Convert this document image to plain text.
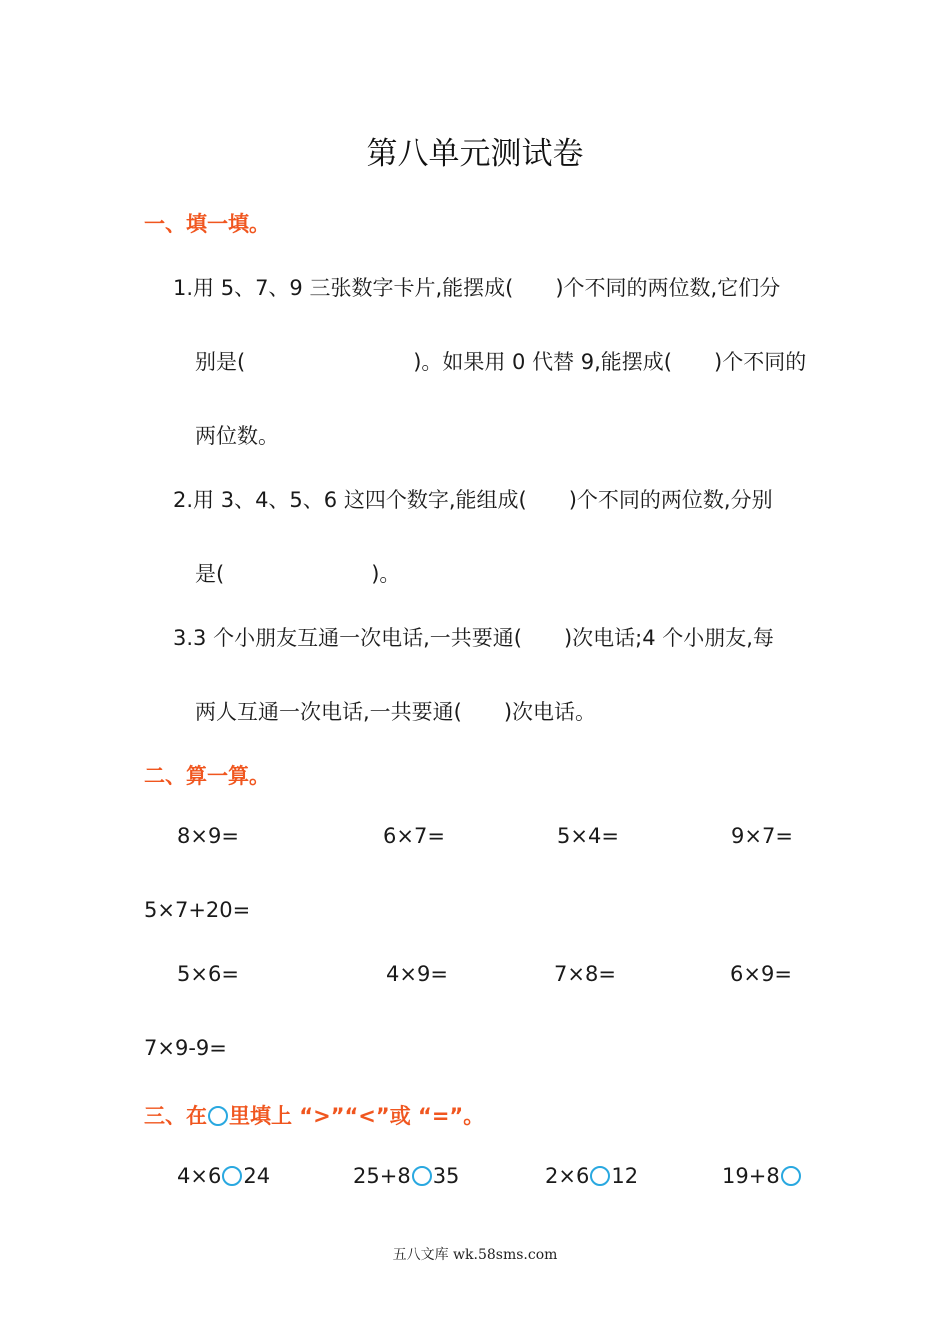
第八单元测试卷
一、填一填。
1.用 5、7、9 三张数字卡片,能摆成(　　)个不同的两位数,它们分
别是(　　　　　　　　)。如果用 0 代替 9,能摆成(　　)个不同的
两位数。
2.用 3、4、5、6 这四个数字,能组成(　　)个不同的两位数,分别
是(　　　　　　　)。
3.3 个小朋友互通一次电话,一共要通(　　)次电话;4 个小朋友,每
两人互通一次电话,一共要通(　　)次电话。
二、算一算。
8×9=	6×7=	5×4=	9×7=
5×7+20=
5×6=	4×9=	7×8=	6×9=
7×9-9=
三、在 里填上 “>”“<”或 “=”。
4×6 24	25+8 35	2×6 12	19+8
五八文库 wk.58sms.com
